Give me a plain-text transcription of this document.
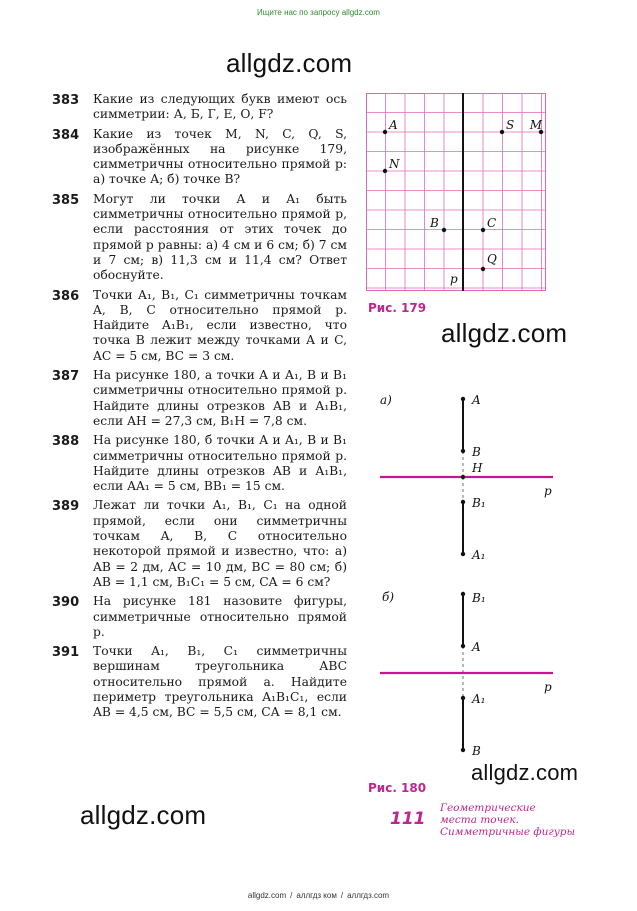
Ищите нас по запросу allgdz.com
allgdz.com
allgdz.com
allgdz.com
allgdz.com
383	Какие из следующих букв имеют ось симметрии: А, Б, Г, Е, О, F?
384	Какие из точек M, N, C, Q, S, изображённых на рисунке 179, симметричны относительно прямой p: а) точке A; б) точке B?
385	Могут ли точки A и A₁ быть симметричны относительно прямой p, если расстояния от этих точек до прямой p равны: а) 4 см и 6 см; б) 7 см и 7 см; в) 11,3 см и 11,4 см? Ответ обоснуйте.
386	Точки A₁, B₁, C₁ симметричны точкам A, B, C относительно прямой p. Найдите A₁B₁, если известно, что точка B лежит между точками A и C, AC = 5 см, BC = 3 см.
387	На рисунке 180, а точки A и A₁, B и B₁ симметричны относительно прямой p. Найдите длины отрезков AB и A₁B₁, если AH = 27,3 см, B₁H = 7,8 см.
388	На рисунке 180, б точки A и A₁, B и B₁ симметричны относительно прямой p. Найдите длины отрезков AB и A₁B₁, если AA₁ = 5 см, BB₁ = 15 см.
389	Лежат ли точки A₁, B₁, C₁ на одной прямой, если они симметричны точкам A, B, C относительно некоторой прямой и известно, что: а) AB = 2 дм, AC = 10 дм, BC = 80 см; б) AB = 1,1 см, B₁C₁ = 5 см, CA = 6 см?
390	На рисунке 181 назовите фигуры, симметричные относительно прямой p.
391	Точки A₁, B₁, C₁ симметричны вершинам треугольника ABC относительно прямой a. Найдите периметр треугольника A₁B₁C₁, если AB = 4,5 см, BC = 5,5 см, CA = 8,1 см.
A	S M
N
B	C
Q
p
Рис. 179
а)	A
B
H
B₁
A₁
p
б)	B₁
A
A₁
B
p
Рис. 180
111
Геометрические
места точек.
Симметричные фигуры
allgdz.com / аллгдз ком / аллгдз.com
